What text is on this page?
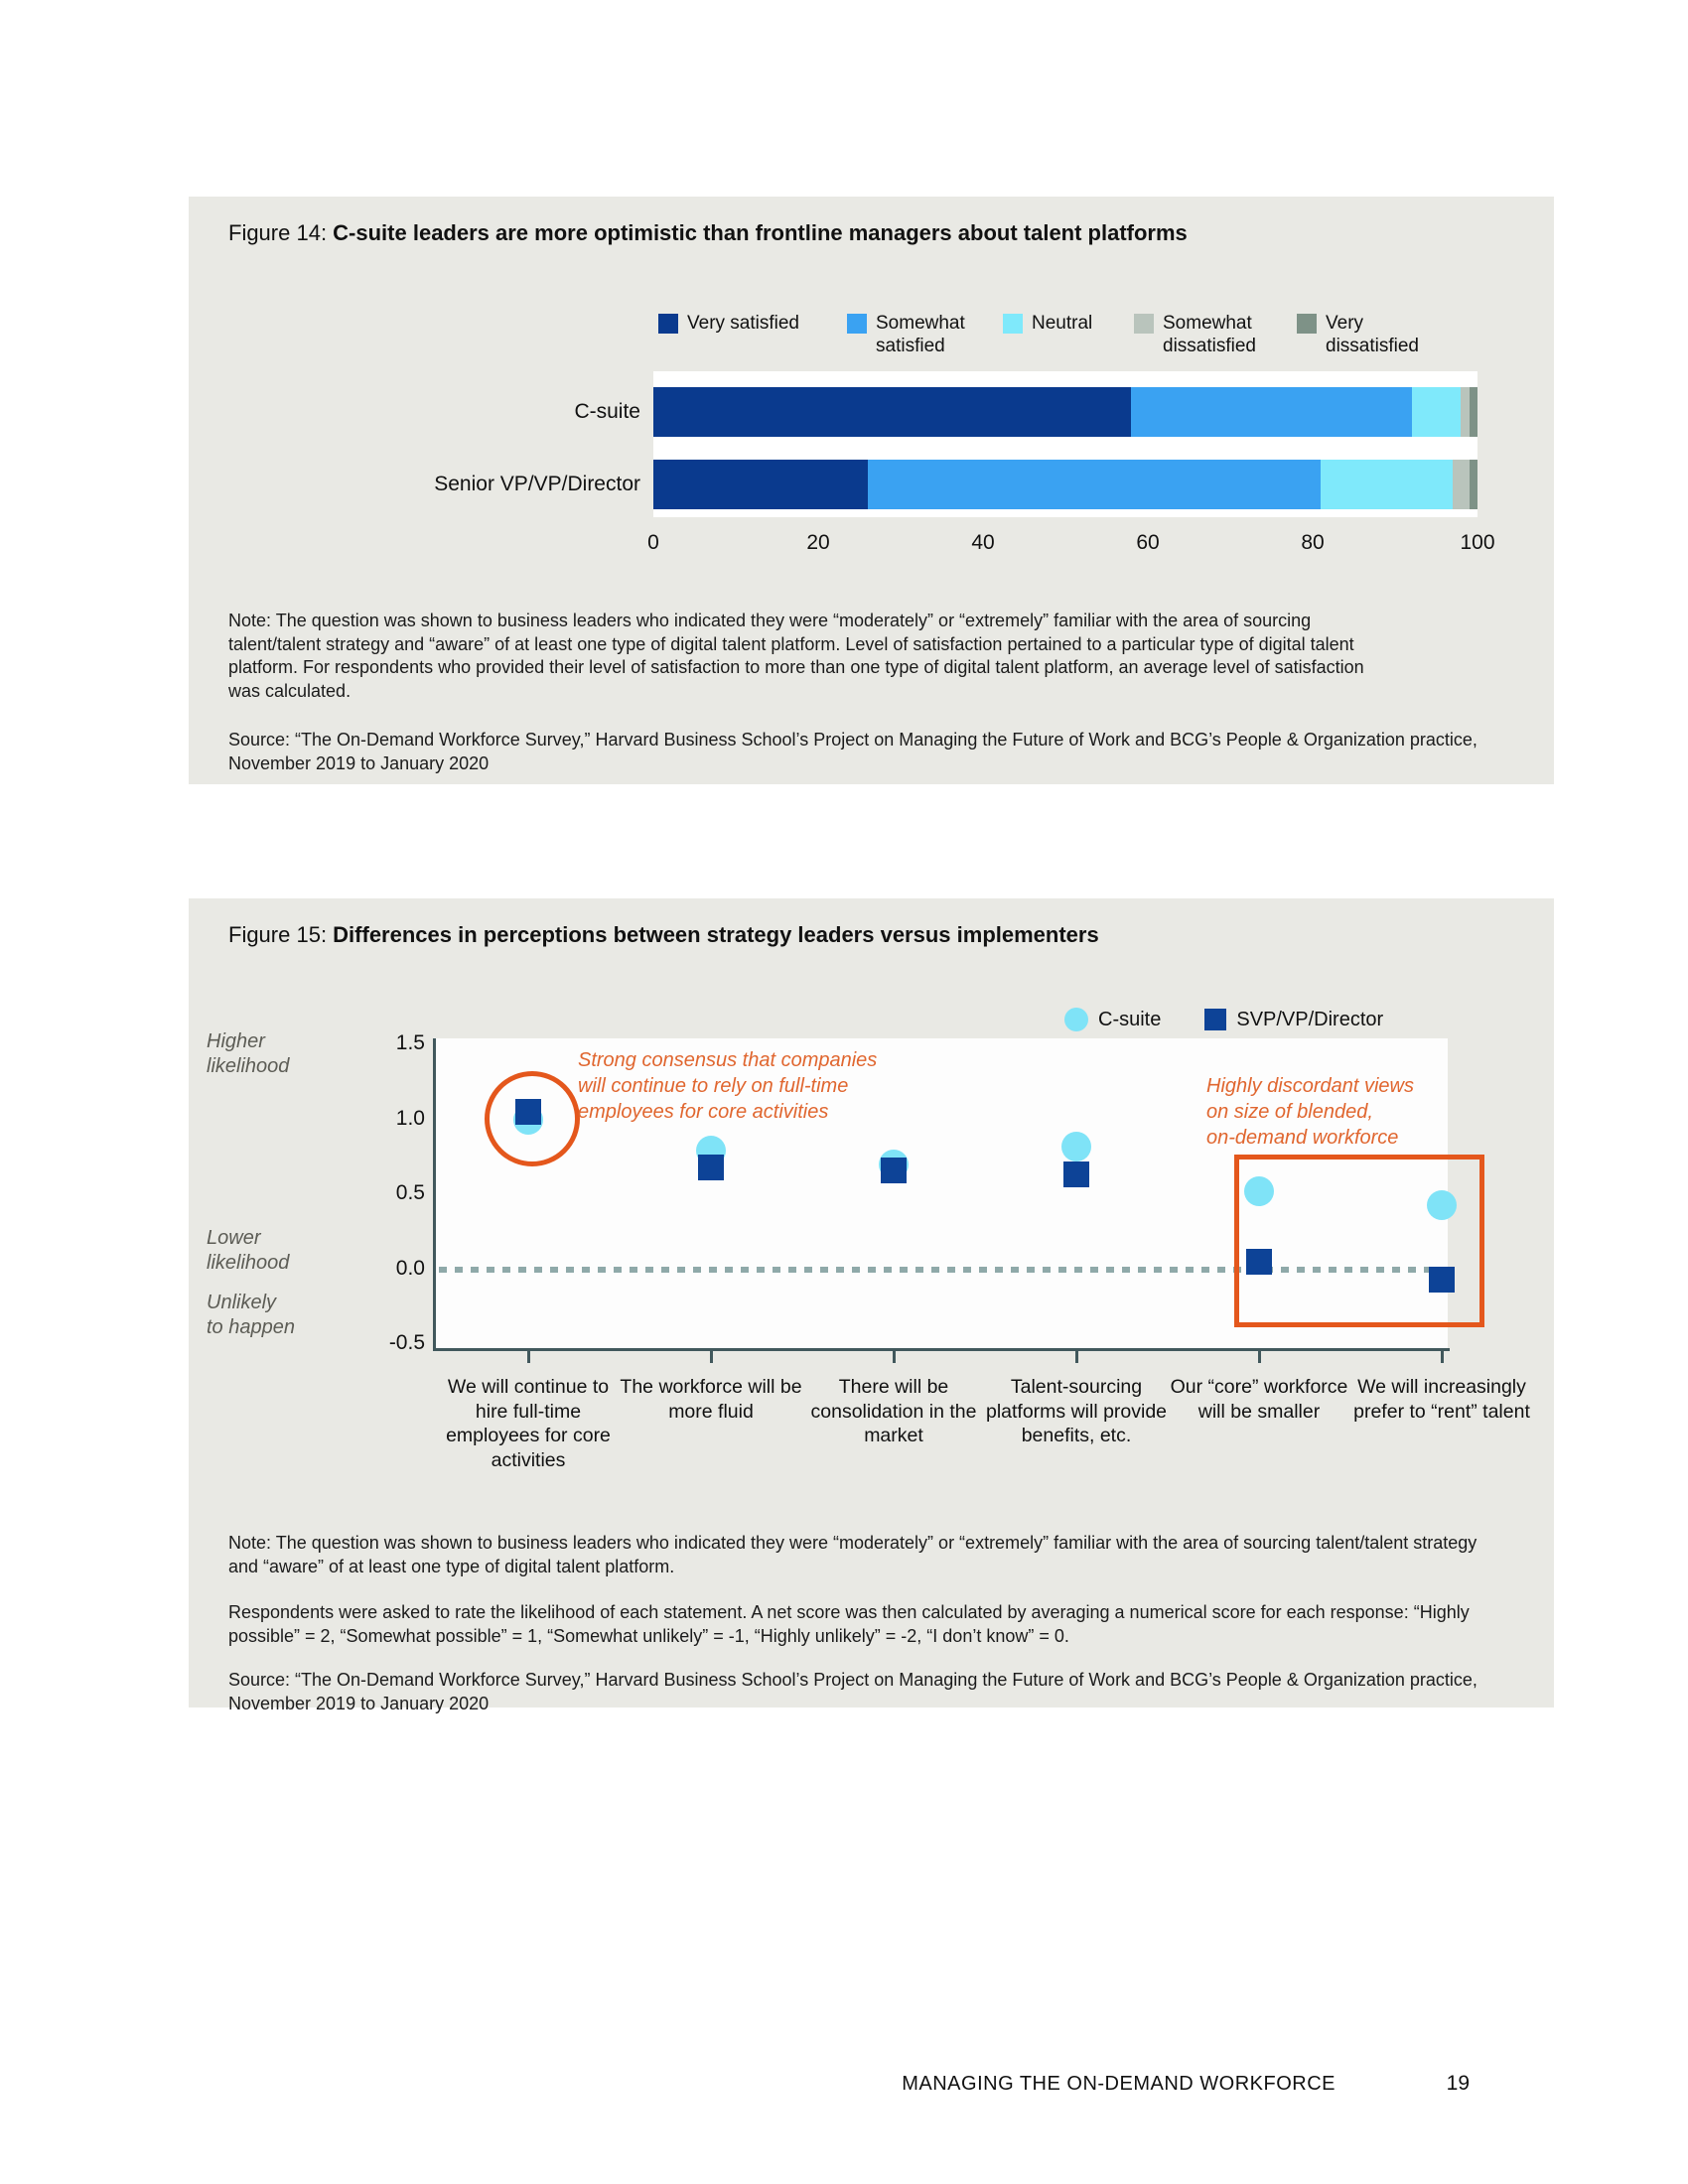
Figure 14: C-suite leaders are more optimistic than frontline managers about talent platforms
Very satisfied	Somewhat satisfied
Neutral	Somewhat dissatisfied
Very dissatisfied
C-suite
Senior VP/VP/Director
0	20	40	60	80	100

Note: The question was shown to business leaders who indicated they were “moderately” or “extremely” familiar with the area of sourcing talent/talent strategy and “aware” of at least one type of digital talent platform. Level of satisfaction pertained to a particular type of digital talent platform. For respondents who provided their level of satisfaction to more than one type of digital talent platform, an average level of satisfaction was calculated.

Source: “The On-Demand Workforce Survey,” Harvard Business School’s Project on Managing the Future of Work and BCG’s People & Organization practice, November 2019 to January 2020

Figure 15: Differences in perceptions between strategy leaders versus implementers
C-suite	SVP/VP/Director
Higher
likelihood
Lower
likelihood
Unlikely
to happen
1.5
1.0
0.5
0.0
-0.5
Strong consensus that companies
will continue to rely on full-time
employees for core activities
Highly discordant views
on size of blended,
on-demand workforce
We will continue to hire full-time employees for core activities
The workforce will be more fluid
There will be consolidation in the market
Talent-sourcing platforms will provide benefits, etc.
Our “core” workforce will be smaller
We will increasingly prefer to “rent” talent

Note: The question was shown to business leaders who indicated they were “moderately” or “extremely” familiar with the area of sourcing talent/talent strategy and “aware” of at least one type of digital talent platform.

Respondents were asked to rate the likelihood of each statement. A net score was then calculated by averaging a numerical score for each response: “Highly possible” = 2, “Somewhat possible” = 1, “Somewhat unlikely” = -1, “Highly unlikely” = -2, “I don’t know” = 0.

Source: “The On-Demand Workforce Survey,” Harvard Business School’s Project on Managing the Future of Work and BCG’s People & Organization practice, November 2019 to January 2020

MANAGING THE ON-DEMAND WORKFORCE	19
